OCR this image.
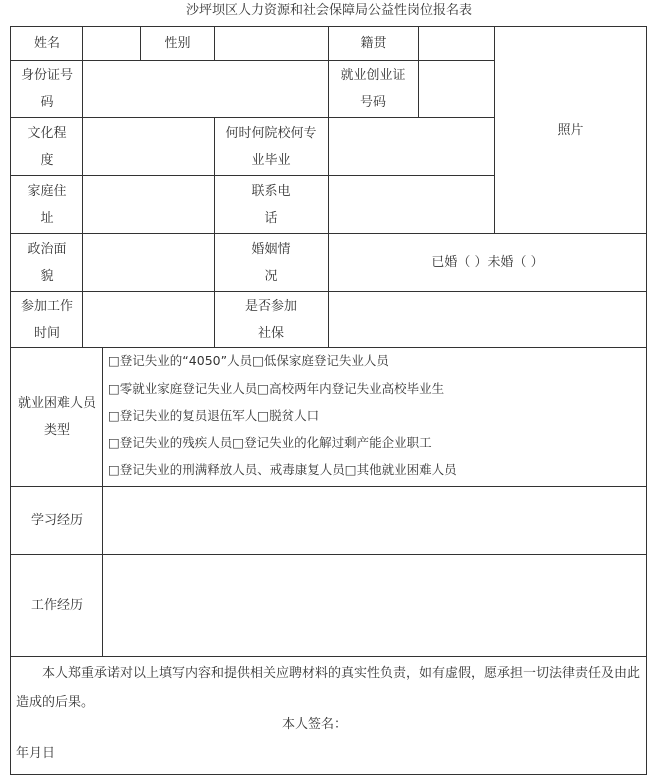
沙坪坝区人力资源和社会保障局公益性岗位报名表
姓名	性别	籍贯
照片
身份证号码
就业创业证号码
文化程度
何时何院校何专业毕业
家庭住址
联系电话
政治面貌
婚姻情况
已婚（ ）未婚（ ）
参加工作时间
是否参加社保
就业困难人员类型
□登记失业的“4050”人员□低保家庭登记失业人员
□零就业家庭登记失业人员□高校两年内登记失业高校毕业生
□登记失业的复员退伍军人□脱贫人口
□登记失业的残疾人员□登记失业的化解过剩产能企业职工
□登记失业的刑满释放人员、戒毒康复人员□其他就业困难人员
学习经历
工作经历
本人郑重承诺对以上填写内容和提供相关应聘材料的真实性负责，如有虚假，愿承担一切法律责任及由此造成的后果。
本人签名：
年月日
